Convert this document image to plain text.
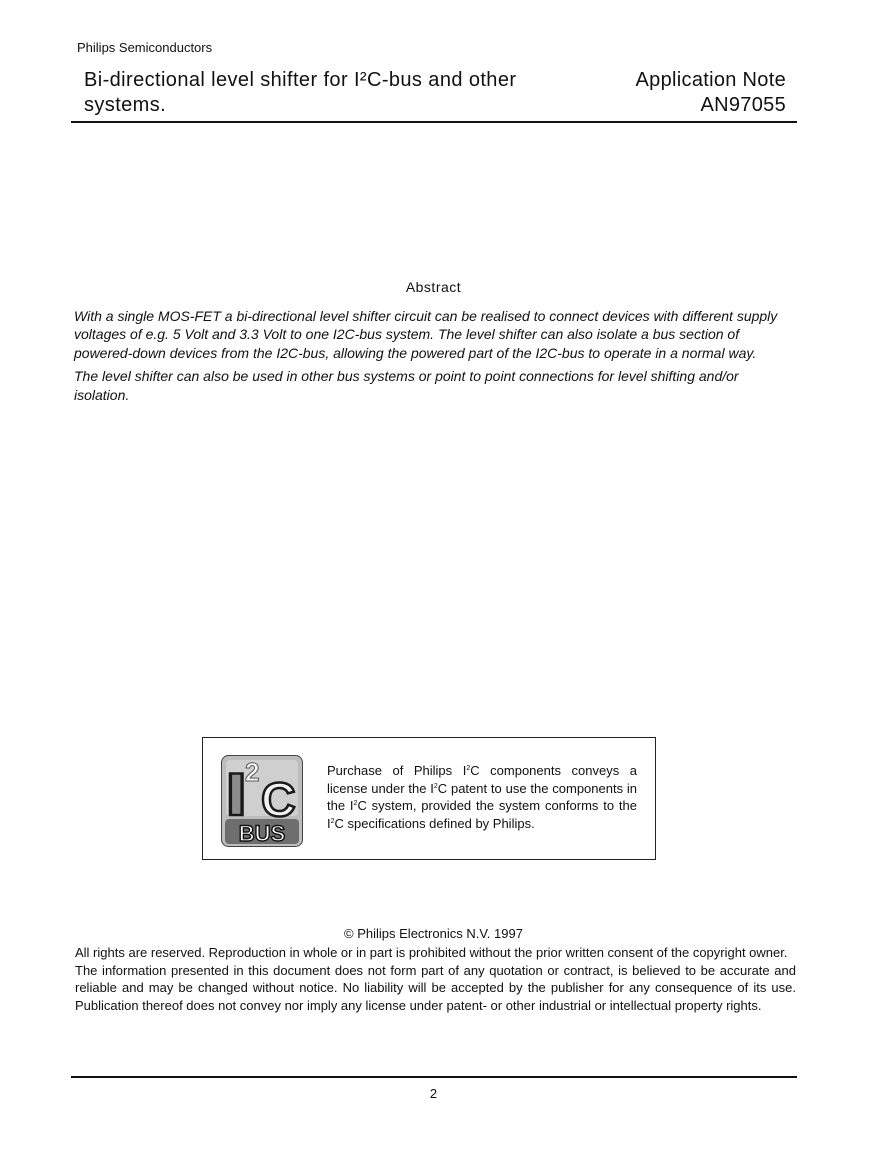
Philips Semiconductors
Bi-directional level shifter for I²C-bus and other systems.
Application Note
AN97055
Abstract

With a single MOS-FET a bi-directional level shifter circuit can be realised to connect devices with different supply voltages of e.g. 5 Volt and 3.3 Volt to one I2C-bus system. The level shifter can also isolate a bus section of powered-down devices from the I2C-bus, allowing the powered part of the I2C-bus to operate in a normal way.

The level shifter can also be used in other bus systems or point to point connections for level shifting and/or isolation.

I
2
C
BUS
Purchase of Philips $I^2C$ components conveys a license under the $I^2C$ patent to use the components in the $I^2C$ system, provided the system conforms to the $I^2C$ specifications defined by Philips.
© Philips Electronics N.V. 1997

All rights are reserved. Reproduction in whole or in part is prohibited without the prior written consent of the copyright owner.

The information presented in this document does not form part of any quotation or contract, is believed to be accurate and reliable and may be changed without notice. No liability will be accepted by the publisher for any consequence of its use. Publication thereof does not convey nor imply any license under patent- or other industrial or intellectual property rights.

2
